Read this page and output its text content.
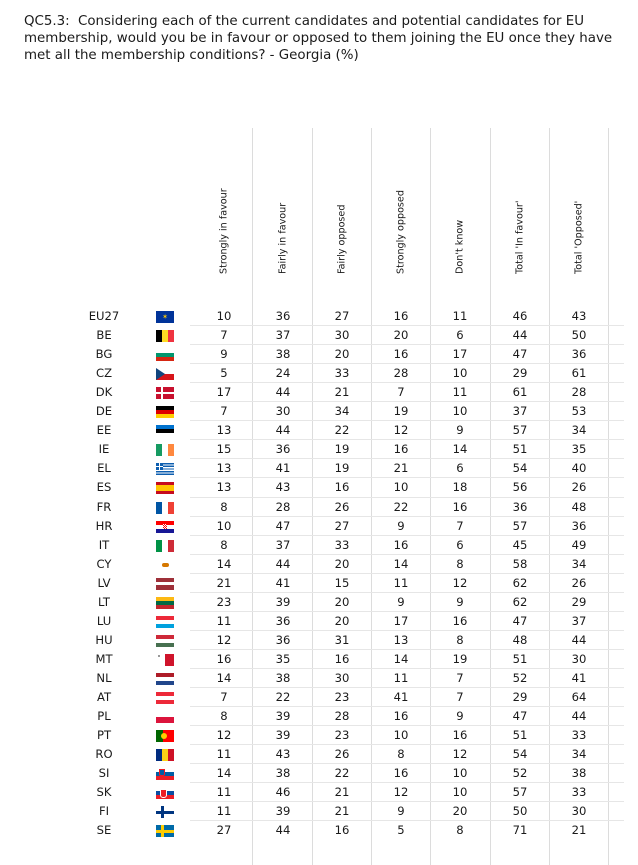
QC5.3: Considering each of the current candidates and potential candidates for EU membership, would you be in favour or opposed to them joining the EU once they have met all the membership conditions? - Georgia (%)
Strongly in favour	Fairly in favour	Fairly opposed	Strongly opposed	Don't know	Total 'In favour'	Total 'Opposed'
EU27	✶	10	36	27	16	11	46	43
BE	7	37	30	20	6	44	50
BG	9	38	20	16	17	47	36
CZ	5	24	33	28	10	29	61
DK	17	44	21	7	11	61	28
DE	7	30	34	19	10	37	53
EE	13	44	22	12	9	57	34
IE	15	36	19	16	14	51	35
EL	13	41	19	21	6	54	40
ES	13	43	16	10	18	56	26
FR	8	28	26	22	16	36	48
HR	10	47	27	9	7	57	36
IT	8	37	33	16	6	45	49
CY	14	44	20	14	8	58	34
LV	21	41	15	11	12	62	26
LT	23	39	20	9	9	62	29
LU	11	36	20	17	16	47	37
HU	12	36	31	13	8	48	44
MT	16	35	16	14	19	51	30
NL	14	38	30	11	7	52	41
AT	7	22	23	41	7	29	64
PL	8	39	28	16	9	47	44
PT	12	39	23	10	16	51	33
RO	11	43	26	8	12	54	34
SI	14	38	22	16	10	52	38
SK	11	46	21	12	10	57	33
FI	11	39	21	9	20	50	30
SE	27	44	16	5	8	71	21
